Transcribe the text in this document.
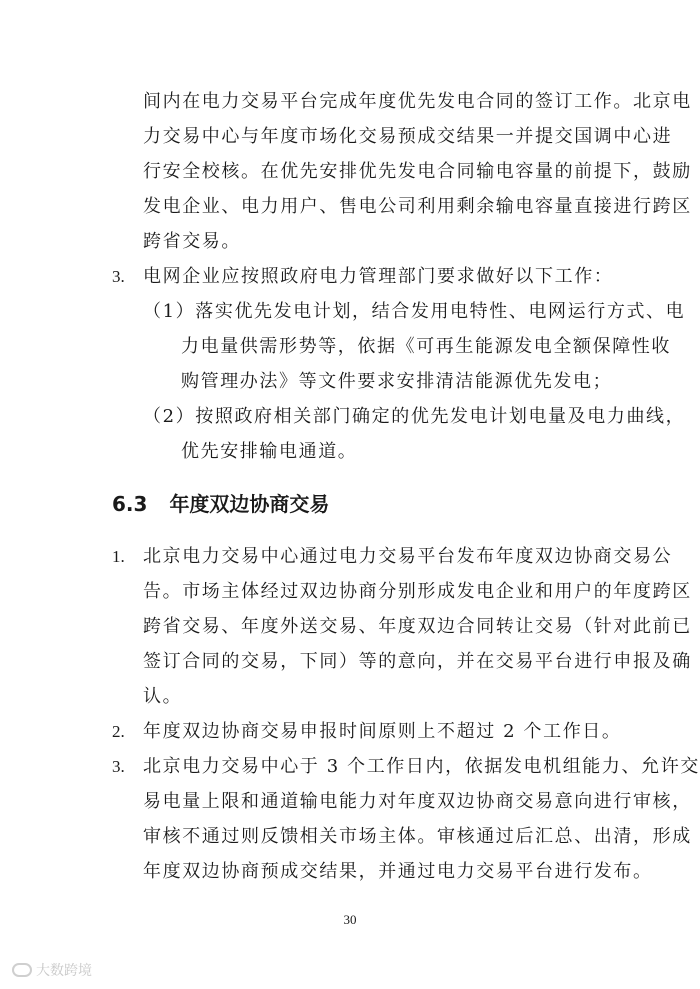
间内在电力交易平台完成年度优先发电合同的签订工作。北京电
力交易中心与年度市场化交易预成交结果一并提交国调中心进
行安全校核。在优先安排优先发电合同输电容量的前提下，鼓励
发电企业、电力用户、售电公司利用剩余输电容量直接进行跨区
跨省交易。
3. 电网企业应按照政府电力管理部门要求做好以下工作：
（1）落实优先发电计划，结合发用电特性、电网运行方式、电
力电量供需形势等，依据《可再生能源发电全额保障性收
购管理办法》等文件要求安排清洁能源优先发电；
（2）按照政府相关部门确定的优先发电计划电量及电力曲线，
优先安排输电通道。
6.3 年度双边协商交易
1. 北京电力交易中心通过电力交易平台发布年度双边协商交易公
告。市场主体经过双边协商分别形成发电企业和用户的年度跨区
跨省交易、年度外送交易、年度双边合同转让交易（针对此前已
签订合同的交易，下同）等的意向，并在交易平台进行申报及确
认。
2. 年度双边协商交易申报时间原则上不超过 2 个工作日。
3. 北京电力交易中心于 3 个工作日内，依据发电机组能力、允许交
易电量上限和通道输电能力对年度双边协商交易意向进行审核，
审核不通过则反馈相关市场主体。审核通过后汇总、出清，形成
年度双边协商预成交结果，并通过电力交易平台进行发布。
30
大数跨境
